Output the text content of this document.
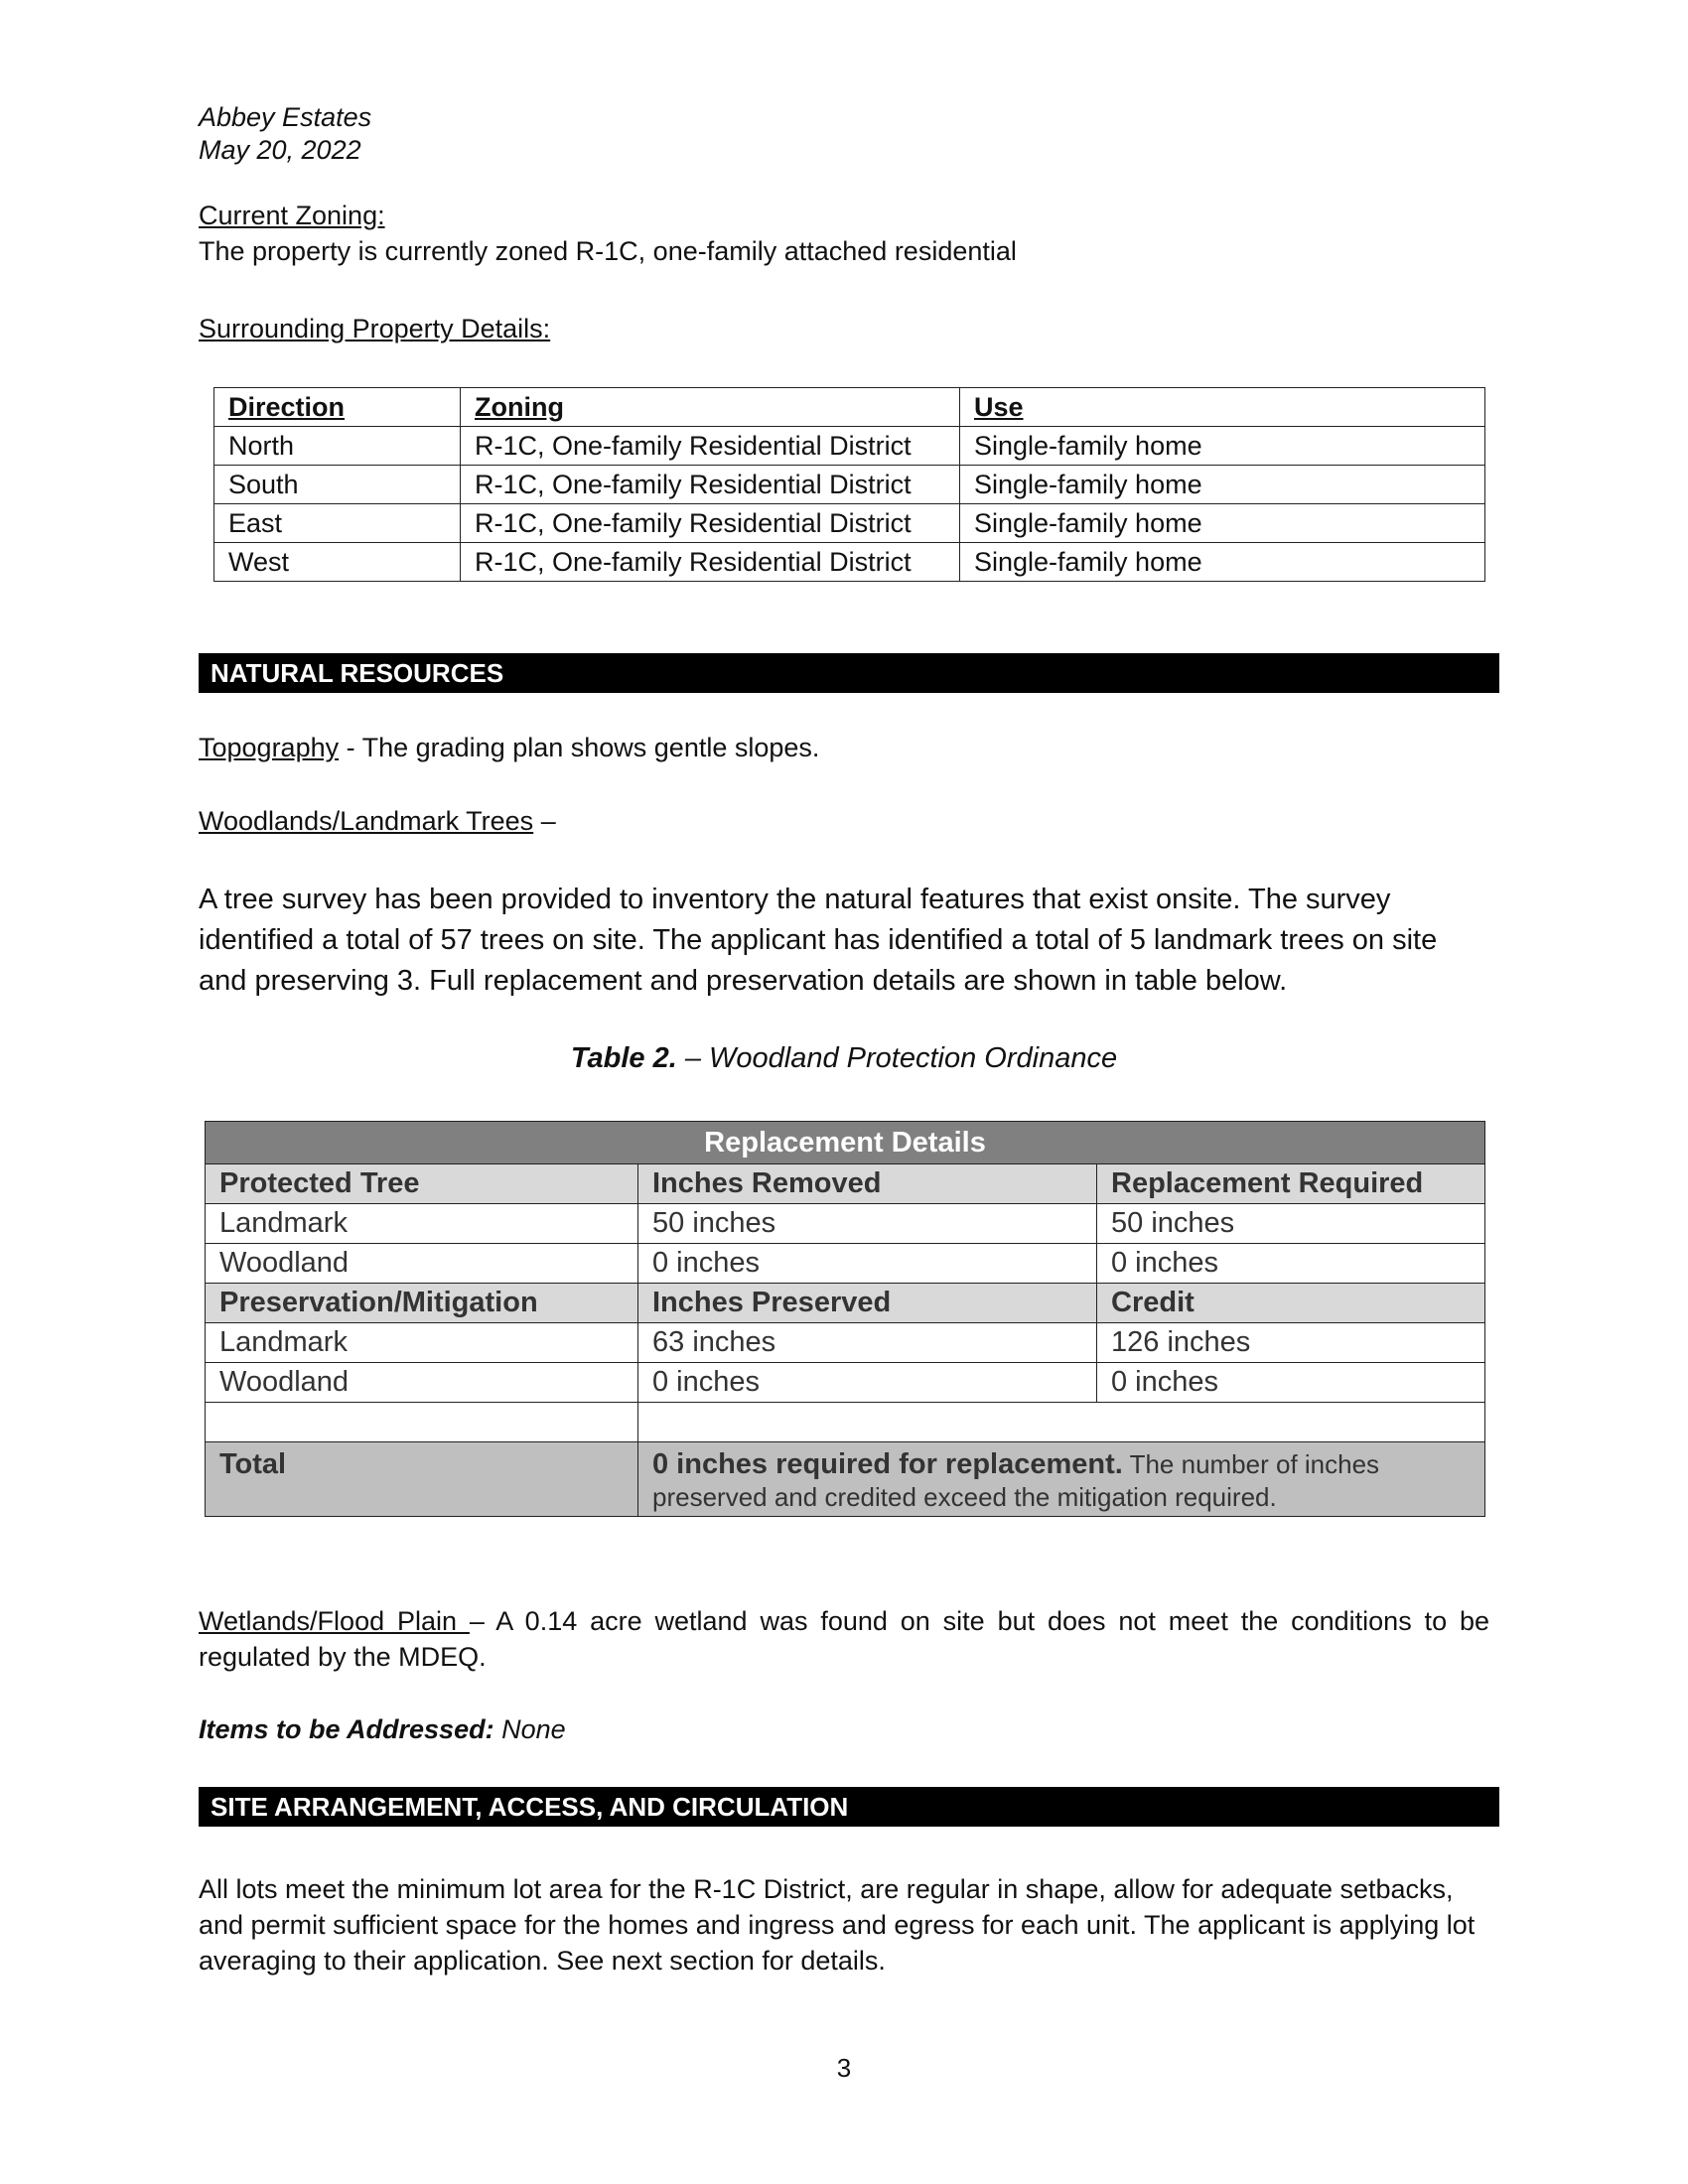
Abbey Estates
May 20, 2022
Current Zoning:
The property is currently zoned R-1C, one-family attached residential
Surrounding Property Details:
Direction	Zoning	Use
North	R-1C, One-family Residential District	Single-family home
South	R-1C, One-family Residential District	Single-family home
East	R-1C, One-family Residential District	Single-family home
West	R-1C, One-family Residential District	Single-family home
NATURAL RESOURCES
Topography - The grading plan shows gentle slopes.
Woodlands/Landmark Trees –
A tree survey has been provided to inventory the natural features that exist onsite. The survey identified a total of 57 trees on site. The applicant has identified a total of 5 landmark trees on site and preserving 3. Full replacement and preservation details are shown in table below.
Table 2. – Woodland Protection Ordinance
Replacement Details		
Protected Tree	Inches Removed	Replacement Required
Landmark	50 inches	50 inches
Woodland	0 inches	0 inches
Preservation/Mitigation	Inches Preserved	Credit
Landmark	63 inches	126 inches
Woodland	0 inches	0 inches

Total	0 inches required for replacement. The number of inches preserved and credited exceed the mitigation required.	
Wetlands/Flood Plain – A 0.14 acre wetland was found on site but does not meet the conditions to be regulated by the MDEQ.
Items to be Addressed: None
SITE ARRANGEMENT, ACCESS, AND CIRCULATION
All lots meet the minimum lot area for the R-1C District, are regular in shape, allow for adequate setbacks, and permit sufficient space for the homes and ingress and egress for each unit. The applicant is applying lot averaging to their application. See next section for details.
3
